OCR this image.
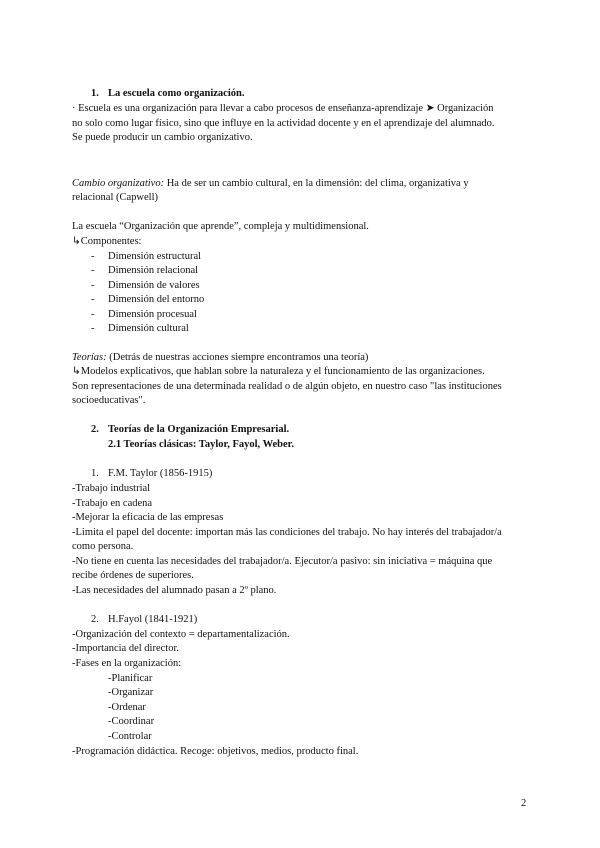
1. La escuela como organización.
· Escuela es una organización para llevar a cabo procesos de enseñanza-aprendizaje ➤ Organización
no solo como lugar físico, sino que influye en la actividad docente y en el aprendizaje del alumnado.
Se puede producir un cambio organizativo.
Cambio organizativo: Ha de ser un cambio cultural, en la dimensión: del clima, organizativa y
relacional (Capwell)
La escuela “Organización que aprende”, compleja y multidimensional.
↳Componentes:
- Dimensión estructural
- Dimensión relacional
- Dimensión de valores
- Dimensión del entorno
- Dimensión procesual
- Dimensión cultural
Teorías: (Detrás de nuestras acciones siempre encontramos una teoría)
↳Modelos explicativos, que hablan sobre la naturaleza y el funcionamiento de las organizaciones.
Son representaciones de una determinada realidad o de algún objeto, en nuestro caso "las instituciones
socioeducativas".
2. Teorías de la Organización Empresarial.
2.1 Teorías clásicas: Taylor, Fayol, Weber.
1. F.M. Taylor (1856-1915)
-Trabajo industrial
-Trabajo en cadena
-Mejorar la eficacia de las empresas
-Limita el papel del docente: importan más las condiciones del trabajo. No hay interés del trabajador/a
como persona.
-No tiene en cuenta las necesidades del trabajador/a. Ejecutor/a pasivo: sin iniciativa = máquina que
recibe órdenes de superiores.
-Las necesidades del alumnado pasan a 2º plano.
2. H.Fayol (1841-1921)
-Organización del contexto = departamentalización.
-Importancia del director.
-Fases en la organización:
-Planificar
-Organizar
-Ordenar
-Coordinar
-Controlar
-Programación didáctica. Recoge: objetivos, medios, producto final.
2
